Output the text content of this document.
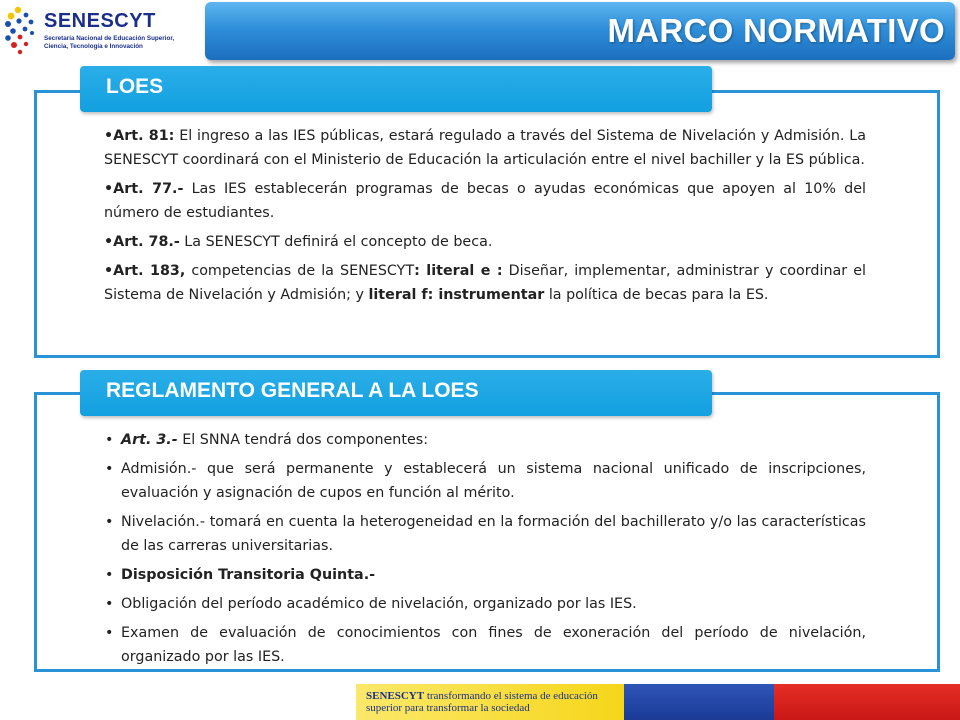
SENESCYT
Secretaría Nacional de Educación Superior, Ciencia, Tecnología e Innovación	MARCO NORMATIVO
LOES

•Art. 81: El ingreso a las IES públicas, estará regulado a través del Sistema de Nivelación y Admisión. La SENESCYT coordinará con el Ministerio de Educación la articulación entre el nivel bachiller y la ES pública.

•Art. 77.- Las IES establecerán programas de becas o ayudas económicas que apoyen al 10% del número de estudiantes.

•Art. 78.- La SENESCYT definirá el concepto de beca.

•Art. 183, competencias de la SENESCYT: literal e : Diseñar, implementar, administrar y coordinar el Sistema de Nivelación y Admisión; y literal f: instrumentar la política de becas para la ES.

REGLAMENTO GENERAL A LA LOES
• Art. 3.- El SNNA tendrá dos componentes:
• Admisión.- que será permanente y establecerá un sistema nacional unificado de inscripciones, evaluación y asignación de cupos en función al mérito.
• Nivelación.- tomará en cuenta la heterogeneidad en la formación del bachillerato y/o las características de las carreras universitarias.
• Disposición Transitoria Quinta.-
• Obligación del período académico de nivelación, organizado por las IES.
• Examen de evaluación de conocimientos con fines de exoneración del período de nivelación, organizado por las IES.
SENESCYT transformando el sistema de educación
superior para transformar la sociedad
